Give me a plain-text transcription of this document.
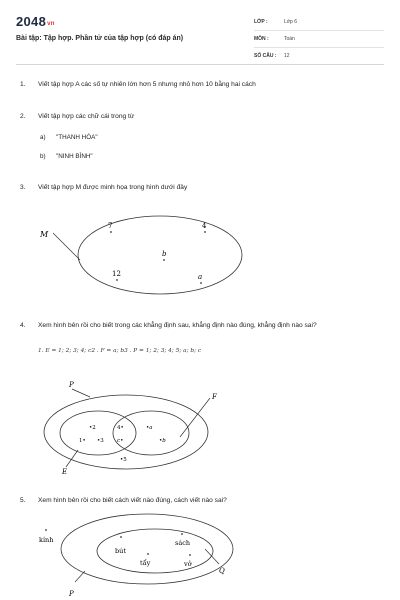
2048vn
Bài tập: Tập hợp. Phần tử của tập hợp (có đáp án)
LỚP :	Lớp 6
MÔN :	Toán
SỐ CÂU : 12
1. Viết tập hợp A các số tự nhiên lớn hơn 5 nhưng nhỏ hơn 10 bằng hai cách
2. Viết tập hợp các chữ cái trong từ
a) "THANH HÓA"
b) "NINH BÌNH"
3. Viết tập hợp M được minh họa trong hình dưới đây
M
7	4
b
12	a
4. Xem hình bên rồi cho biết trong các khẳng định sau, khẳng định nào đúng, khẳng định nào sai?
1. E = 1; 2; 3; 4; c2 . F = a; b3 . P = 1; 2; 3; 4; 5; a; b; c
P
F
E
•2	4•	•a
1• •3 c•	•b
•5
5. Xem hình bên rồi cho biết cách viết nào đúng, cách viết nào sai?
P
Q
kính
bút
sách
tẩy	vở
